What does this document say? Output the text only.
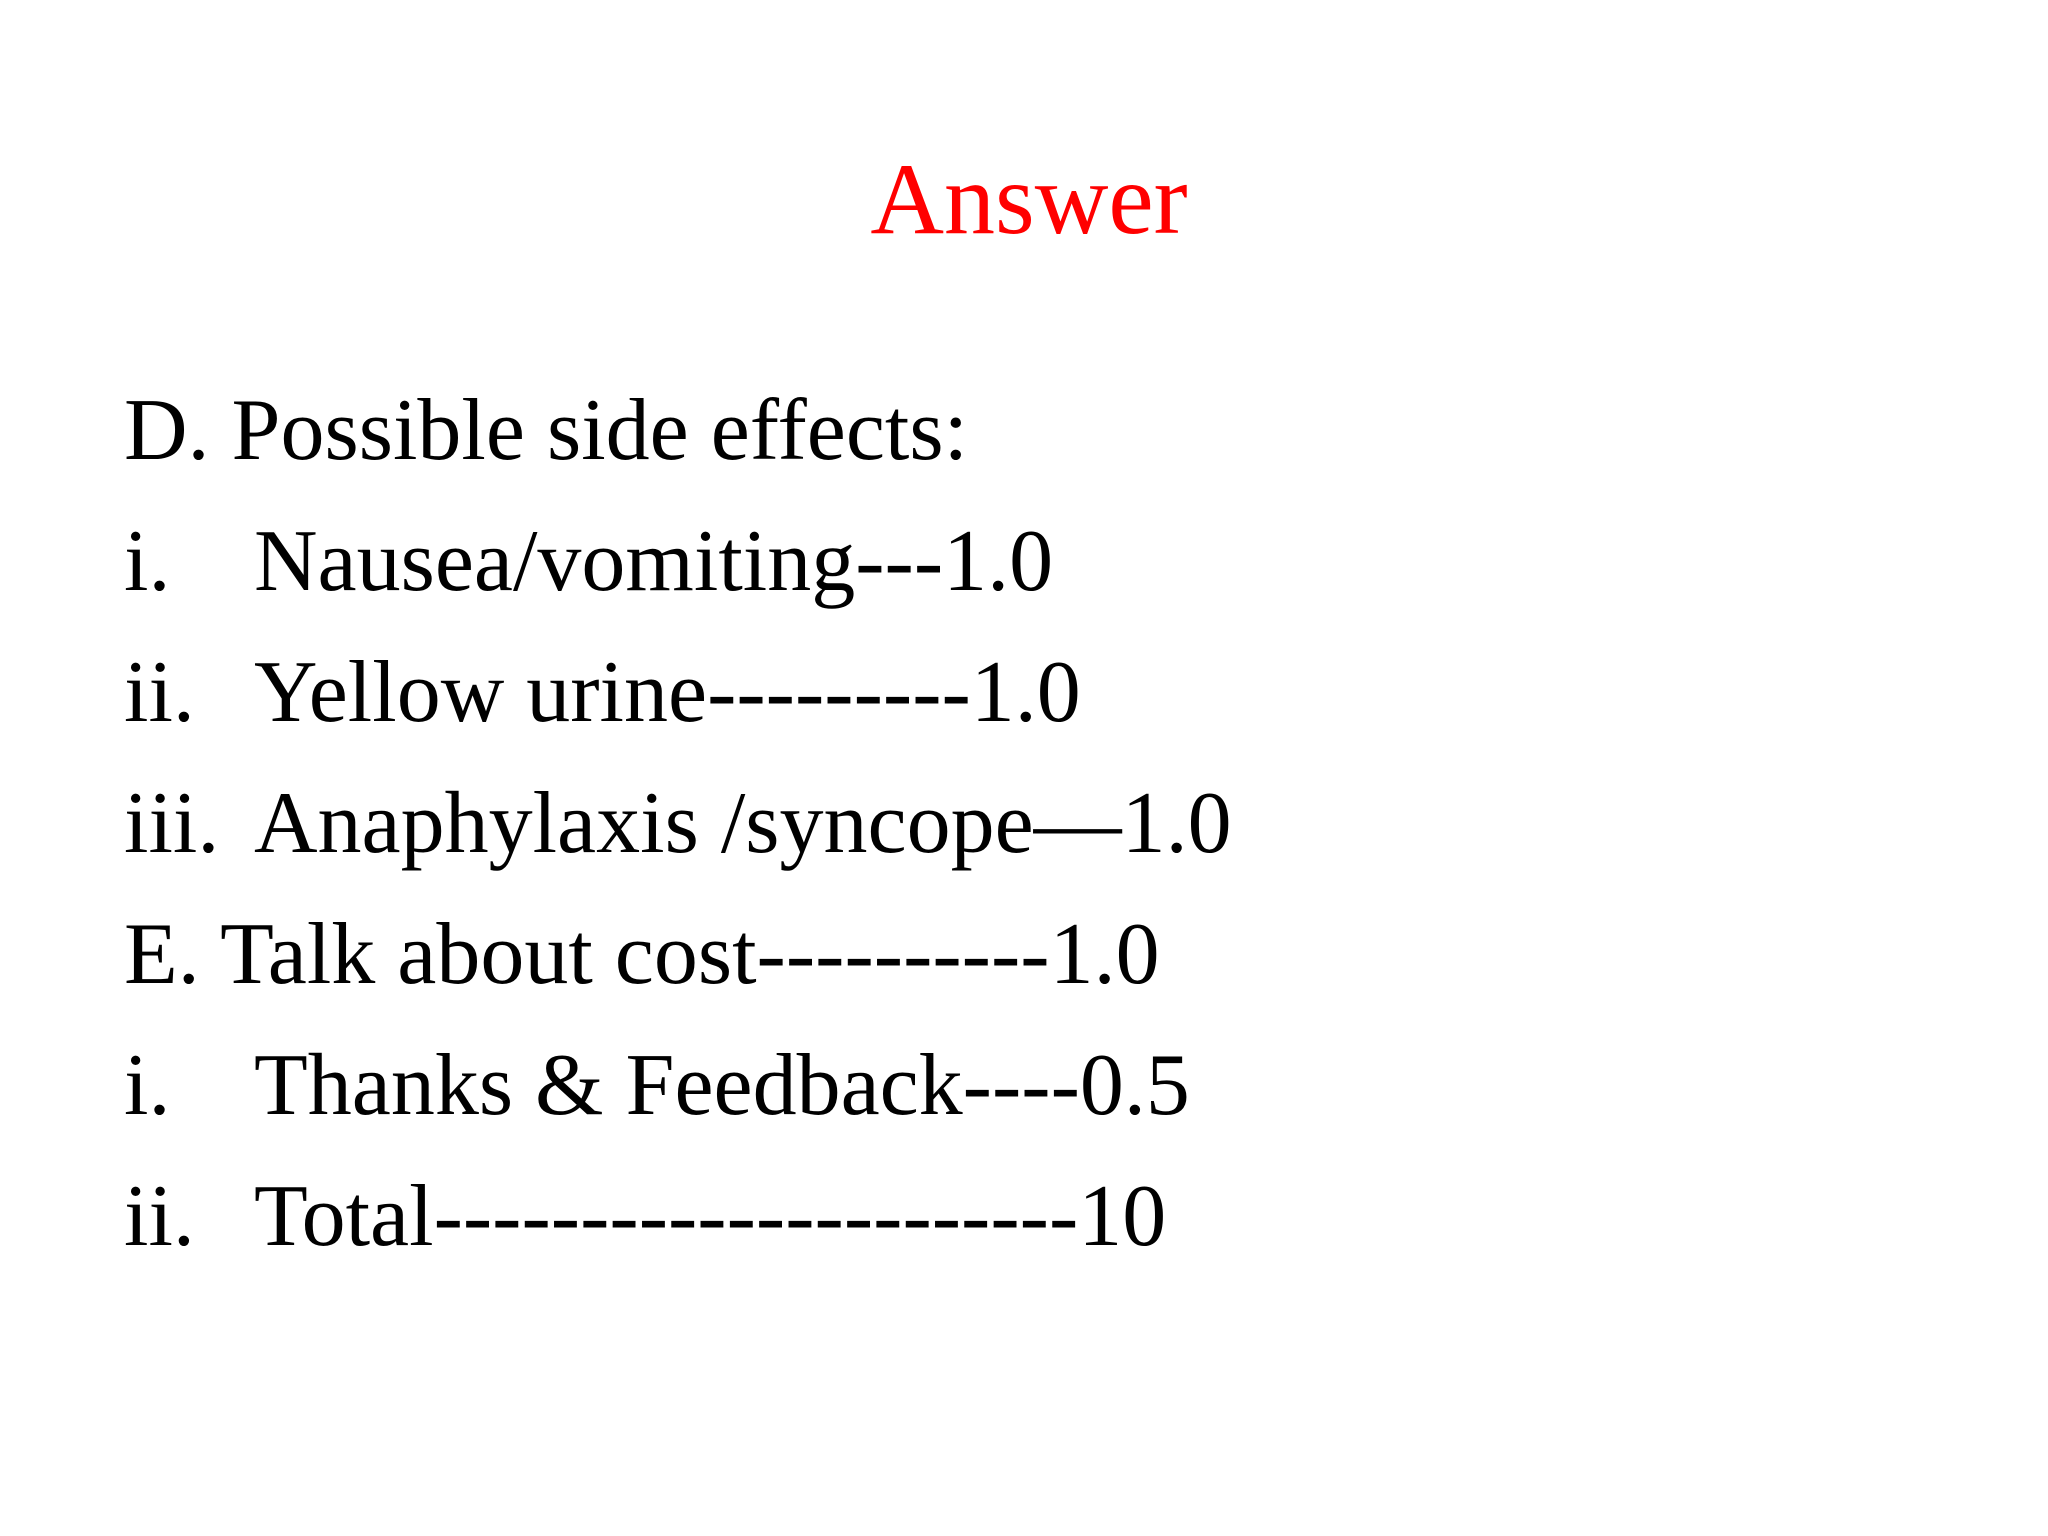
Answer
D. Possible side effects:
i. Nausea/vomiting---1.0
ii. Yellow urine---------1.0
iii. Anaphylaxis /syncope—1.0
E. Talk about cost----------1.0
i. Thanks & Feedback----0.5
ii. Total----------------------10
